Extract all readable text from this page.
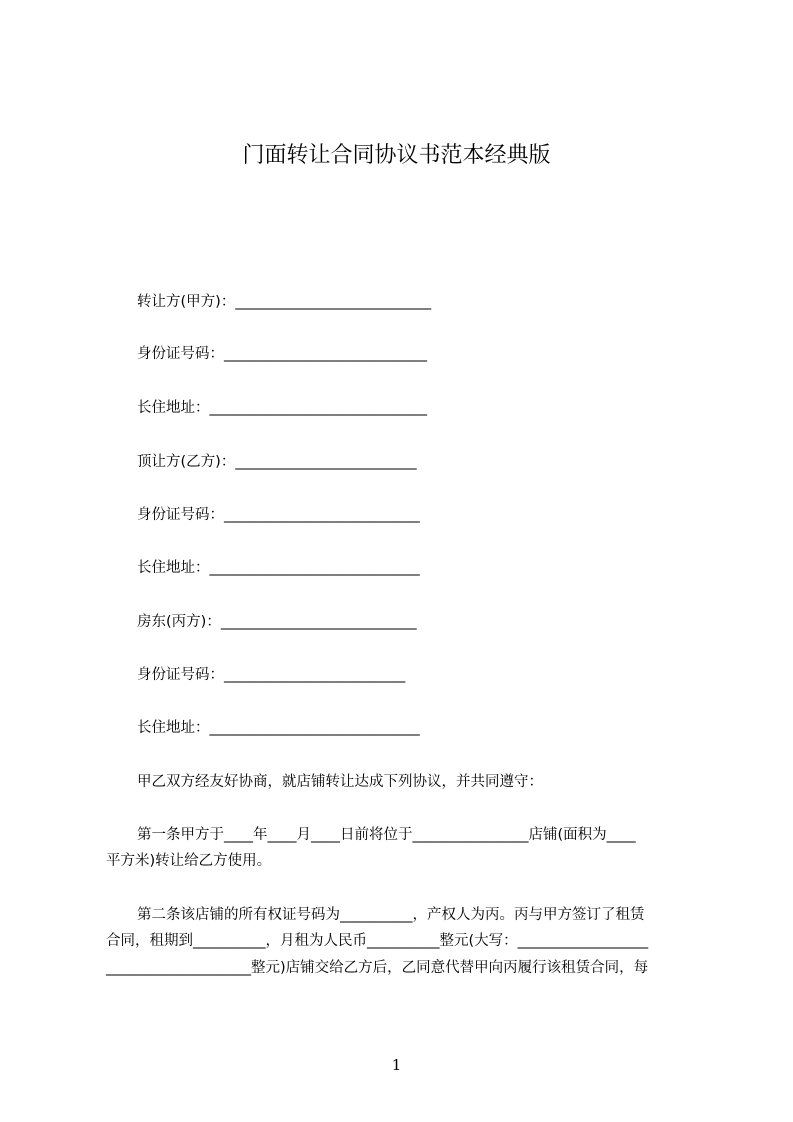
门面转让合同协议书范本经典版
转让方(甲方)：___________________________
身份证号码：____________________________
长住地址：______________________________
顶让方(乙方)：_________________________
身份证号码：___________________________
长住地址：_____________________________
房东(丙方)：___________________________
身份证号码：_________________________
长住地址：_____________________________
甲乙双方经友好协商，就店铺转让达成下列协议，并共同遵守：
第一条甲方于____年____月____日前将位于________________店铺(面积为____
平方米)转让给乙方使用。
第二条该店铺的所有权证号码为__________，产权人为丙。丙与甲方签订了租赁
合同，租期到__________，月租为人民币__________整元(大写：__________________
____________________整元)店铺交给乙方后，乙同意代替甲向丙履行该租赁合同，每
1
